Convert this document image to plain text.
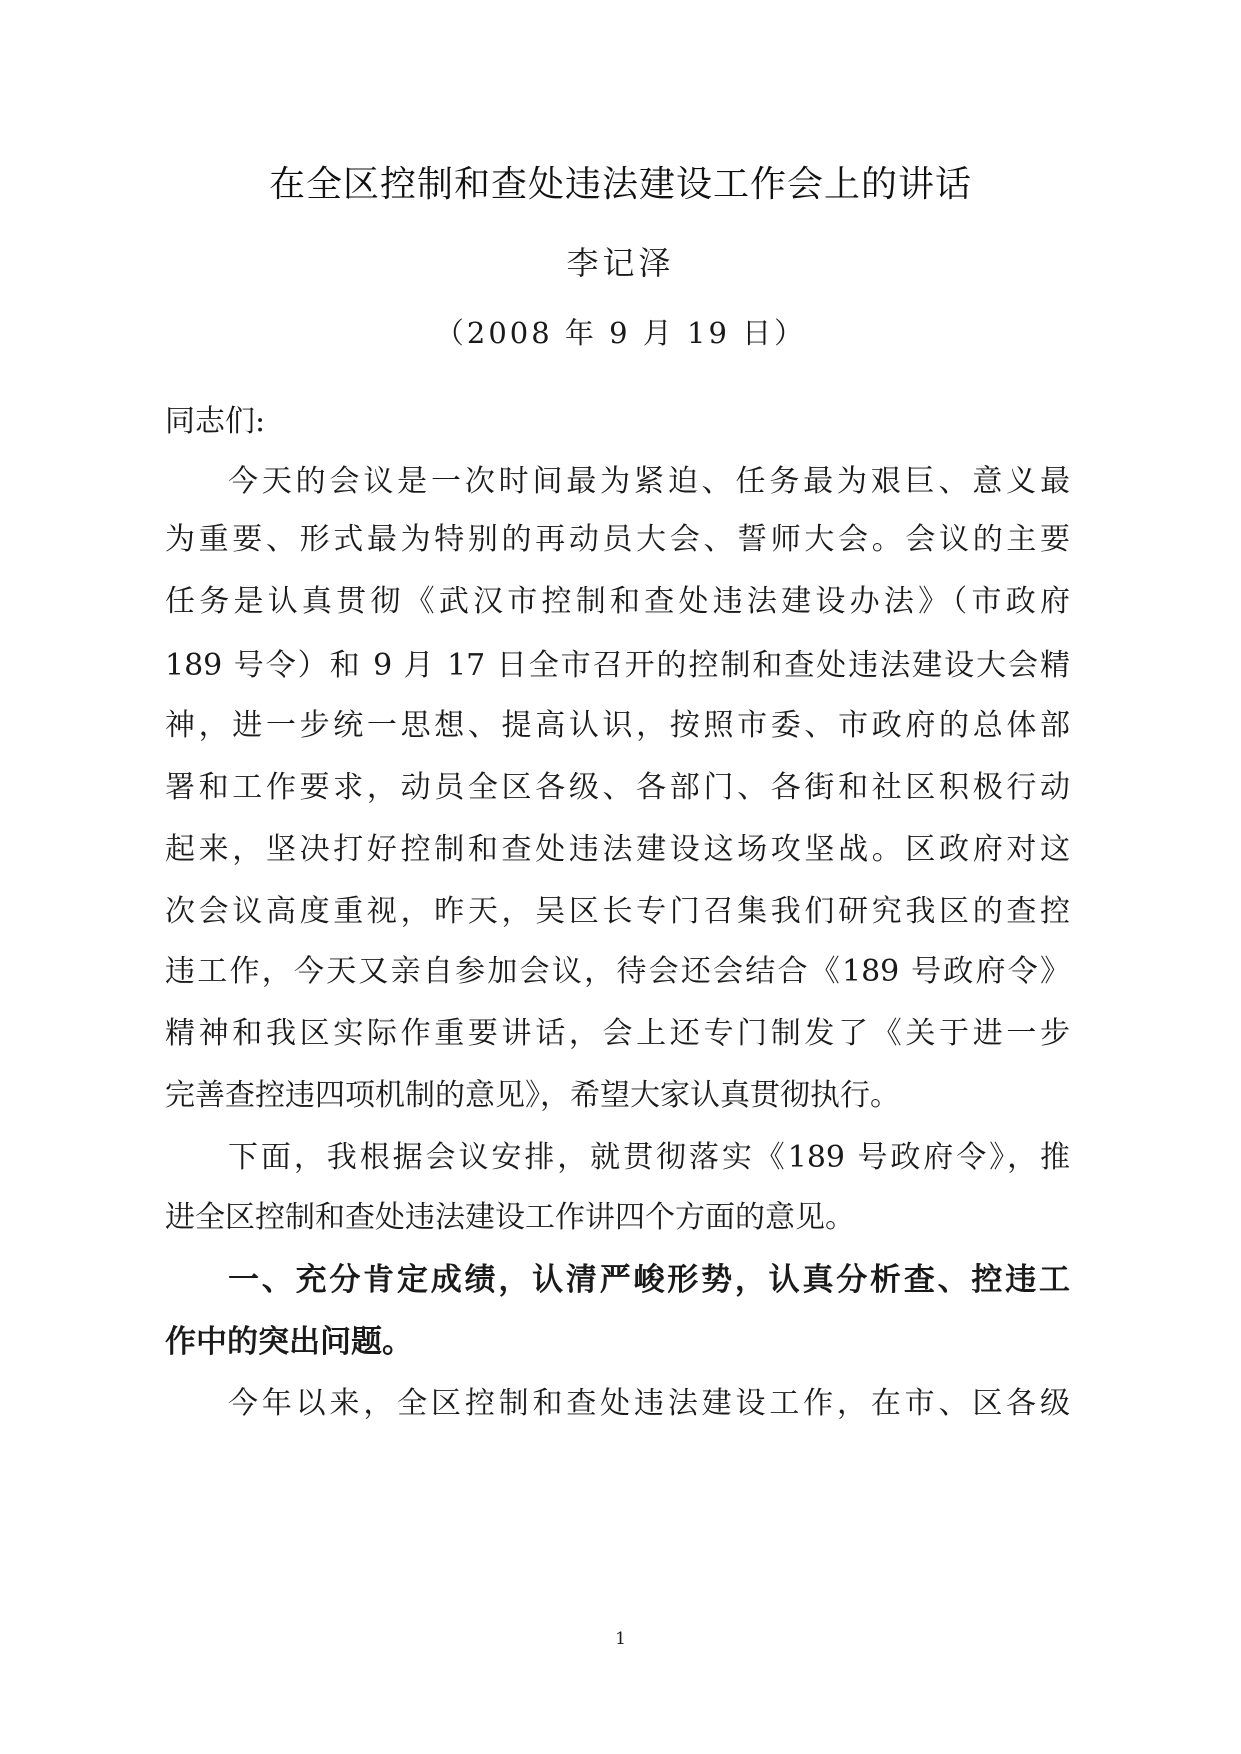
在全区控制和查处违法建设工作会上的讲话
李记泽
（2008 年 9 月 19 日）
同志们:
今天的会议是一次时间最为紧迫、任务最为艰巨、意义最
为重要、形式最为特别的再动员大会、誓师大会。会议的主要
任务是认真贯彻《武汉市控制和查处违法建设办法》（市政府
189 号令）和 9 月 17 日全市召开的控制和查处违法建设大会精
神，进一步统一思想、提高认识，按照市委、市政府的总体部
署和工作要求，动员全区各级、各部门、各街和社区积极行动
起来，坚决打好控制和查处违法建设这场攻坚战。区政府对这
次会议高度重视，昨天，吴区长专门召集我们研究我区的查控
违工作，今天又亲自参加会议，待会还会结合《189 号政府令》
精神和我区实际作重要讲话，会上还专门制发了《关于进一步
完善查控违四项机制的意见》，希望大家认真贯彻执行。
下面，我根据会议安排，就贯彻落实《189 号政府令》，推
进全区控制和查处违法建设工作讲四个方面的意见。
一、充分肯定成绩，认清严峻形势，认真分析查、控违工
作中的突出问题。
今年以来，全区控制和查处违法建设工作，在市、区各级
1
